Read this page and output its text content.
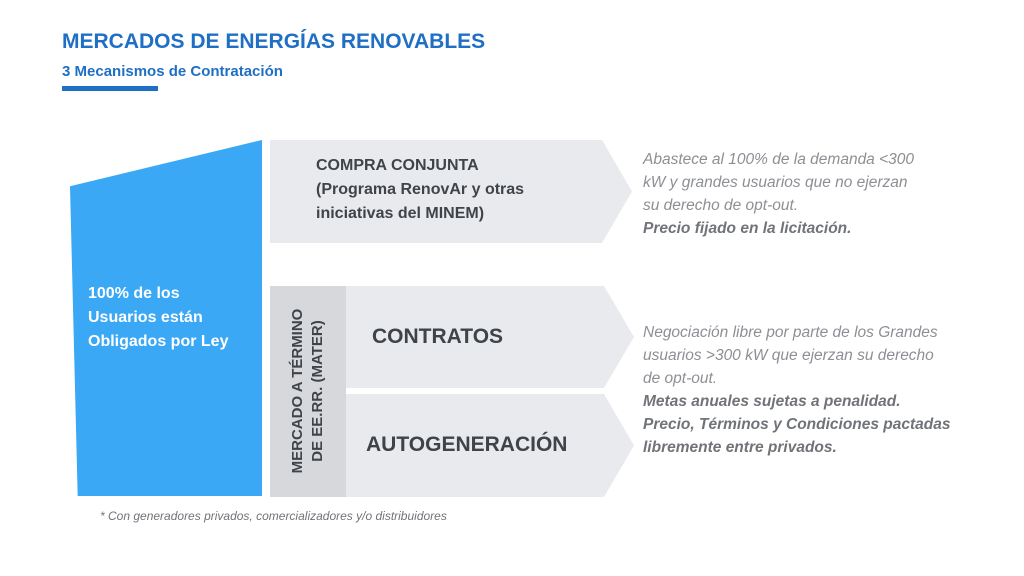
MERCADOS DE ENERGÍAS RENOVABLES
3 Mecanismos de Contratación
100% de los
Usuarios están
Obligados por Ley
COMPRA CONJUNTA
(Programa RenovAr y otras
iniciativas del MINEM)
MERCADO A TÉRMINO DE EE.RR. (MATER) CONTRATOS
AUTOGENERACIÓN
Abastece al 100% de la demanda <300
kW y grandes usuarios que no ejerzan
su derecho de opt-out.
Precio fijado en la licitación.
Negociación libre por parte de los Grandes
usuarios >300 kW que ejerzan su derecho
de opt-out.
Metas anuales sujetas a penalidad.
Precio, Términos y Condiciones pactadas
libremente entre privados.
* Con generadores privados, comercializadores y/o distribuidores
